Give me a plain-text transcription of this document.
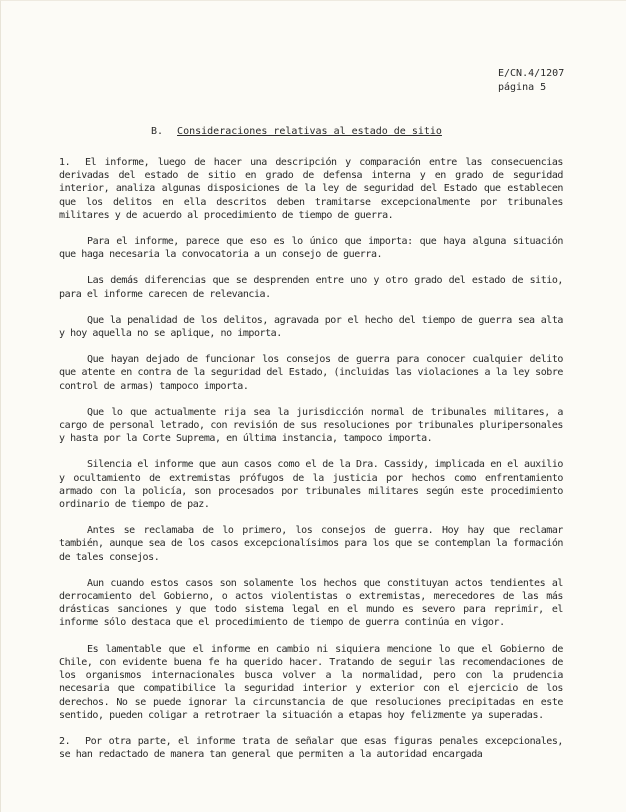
E/CN.4/1207
página 5
B. Consideraciones relativas al estado de sitio

1. El informe, luego de hacer una descripción y comparación entre las consecuencias derivadas del estado de sitio en grado de defensa interna y en grado de seguridad interior, analiza algunas disposiciones de la ley de seguridad del Estado que establecen que los delitos en ella descritos deben tramitarse excepcionalmente por tribunales militares y de acuerdo al procedimiento de tiempo de guerra.

Para el informe, parece que eso es lo único que importa: que haya alguna situación que haga necesaria la convocatoria a un consejo de guerra.

Las demás diferencias que se desprenden entre uno y otro grado del estado de sitio, para el informe carecen de relevancia.

Que la penalidad de los delitos, agravada por el hecho del tiempo de guerra sea alta y hoy aquella no se aplique, no importa.

Que hayan dejado de funcionar los consejos de guerra para conocer cualquier delito que atente en contra de la seguridad del Estado, (incluidas las violaciones a la ley sobre control de armas) tampoco importa.

Que lo que actualmente rija sea la jurisdicción normal de tribunales militares, a cargo de personal letrado, con revisión de sus resoluciones por tribunales pluripersonales y hasta por la Corte Suprema, en última instancia, tampoco importa.

Silencia el informe que aun casos como el de la Dra. Cassidy, implicada en el auxilio y ocultamiento de extremistas prófugos de la justicia por hechos como enfrentamiento armado con la policía, son procesados por tribunales militares según este procedimiento ordinario de tiempo de paz.

Antes se reclamaba de lo primero, los consejos de guerra. Hoy hay que reclamar también, aunque sea de los casos excepcionalísimos para los que se contemplan la formación de tales consejos.

Aun cuando estos casos son solamente los hechos que constituyan actos tendientes al derrocamiento del Gobierno, o actos violentistas o extremistas, merecedores de las más drásticas sanciones y que todo sistema legal en el mundo es severo para reprimir, el informe sólo destaca que el procedimiento de tiempo de guerra continúa en vigor.

Es lamentable que el informe en cambio ni siquiera mencione lo que el Gobierno de Chile, con evidente buena fe ha querido hacer. Tratando de seguir las recomendaciones de los organismos internacionales busca volver a la normalidad, pero con la prudencia necesaria que compatibilice la seguridad interior y exterior con el ejercicio de los derechos. No se puede ignorar la circunstancia de que resoluciones precipitadas en este sentido, pueden coligar a retrotraer la situación a etapas hoy felizmente ya superadas.

2. Por otra parte, el informe trata de señalar que esas figuras penales excepcionales, se han redactado de manera tan general que permiten a la autoridad encargada
